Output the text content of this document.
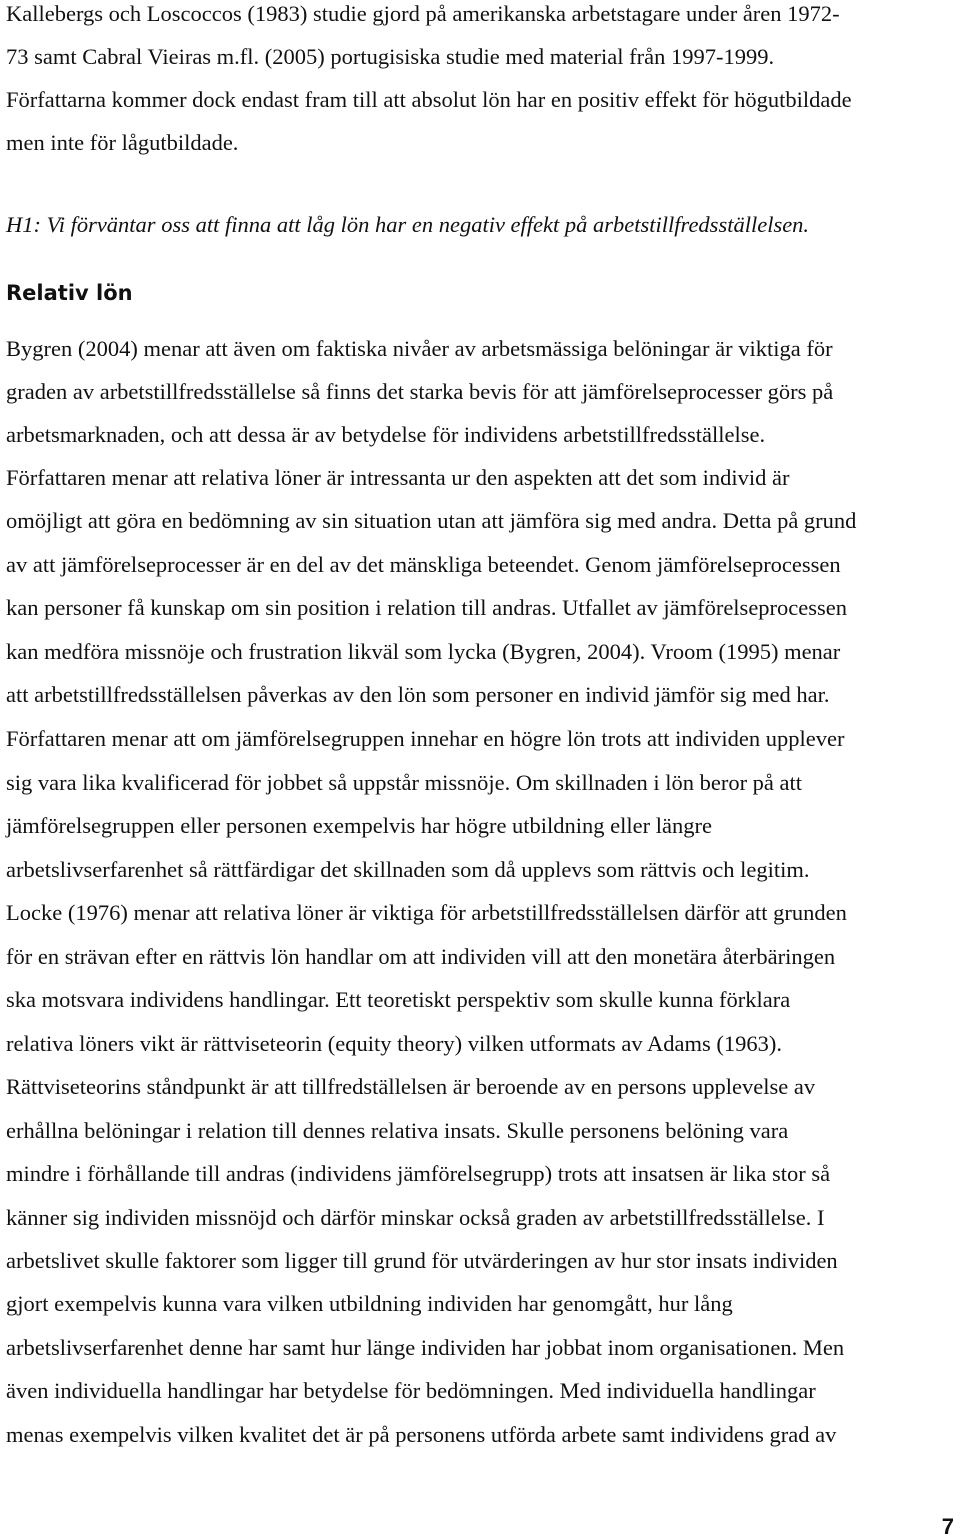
Kallebergs och Loscoccos (1983) studie gjord på amerikanska arbetstagare under åren 1972-
73 samt Cabral Vieiras m.fl. (2005) portugisiska studie med material från 1997-1999.
Författarna kommer dock endast fram till att absolut lön har en positiv effekt för högutbildade
men inte för lågutbildade.
H1: Vi förväntar oss att finna att låg lön har en negativ effekt på arbetstillfredsställelsen.
Relativ lön
Bygren (2004) menar att även om faktiska nivåer av arbetsmässiga belöningar är viktiga för
graden av arbetstillfredsställelse så finns det starka bevis för att jämförelseprocesser görs på
arbetsmarknaden, och att dessa är av betydelse för individens arbetstillfredsställelse.
Författaren menar att relativa löner är intressanta ur den aspekten att det som individ är
omöjligt att göra en bedömning av sin situation utan att jämföra sig med andra. Detta på grund
av att jämförelseprocesser är en del av det mänskliga beteendet. Genom jämförelseprocessen
kan personer få kunskap om sin position i relation till andras. Utfallet av jämförelseprocessen
kan medföra missnöje och frustration likväl som lycka (Bygren, 2004). Vroom (1995) menar
att arbetstillfredsställelsen påverkas av den lön som personer en individ jämför sig med har.
Författaren menar att om jämförelsegruppen innehar en högre lön trots att individen upplever
sig vara lika kvalificerad för jobbet så uppstår missnöje. Om skillnaden i lön beror på att
jämförelsegruppen eller personen exempelvis har högre utbildning eller längre
arbetslivserfarenhet så rättfärdigar det skillnaden som då upplevs som rättvis och legitim.
Locke (1976) menar att relativa löner är viktiga för arbetstillfredsställelsen därför att grunden
för en strävan efter en rättvis lön handlar om att individen vill att den monetära återbäringen
ska motsvara individens handlingar. Ett teoretiskt perspektiv som skulle kunna förklara
relativa löners vikt är rättviseteorin (equity theory) vilken utformats av Adams (1963).
Rättviseteorins ståndpunkt är att tillfredställelsen är beroende av en persons upplevelse av
erhållna belöningar i relation till dennes relativa insats. Skulle personens belöning vara
mindre i förhållande till andras (individens jämförelsegrupp) trots att insatsen är lika stor så
känner sig individen missnöjd och därför minskar också graden av arbetstillfredsställelse. I
arbetslivet skulle faktorer som ligger till grund för utvärderingen av hur stor insats individen
gjort exempelvis kunna vara vilken utbildning individen har genomgått, hur lång
arbetslivserfarenhet denne har samt hur länge individen har jobbat inom organisationen. Men
även individuella handlingar har betydelse för bedömningen. Med individuella handlingar
menas exempelvis vilken kvalitet det är på personens utförda arbete samt individens grad av
7
